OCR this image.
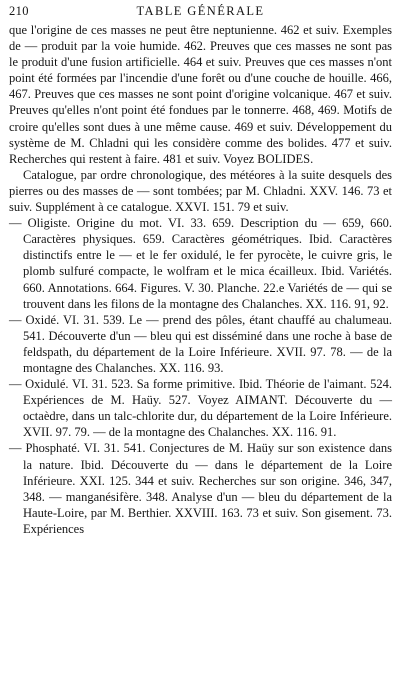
210	TABLE GÉNÉRALE

que l'origine de ces masses ne peut être neptunienne. 462 et suiv. Exemples de — produit par la voie humide. 462. Preuves que ces masses ne sont pas le produit d'une fusion artificielle. 464 et suiv. Preuves que ces masses n'ont point été formées par l'incendie d'une forêt ou d'une couche de houille. 466, 467. Preuves que ces masses ne sont point d'origine volcanique. 467 et suiv. Preuves qu'elles n'ont point été fondues par le tonnerre. 468, 469. Motifs de croire qu'elles sont dues à une même cause. 469 et suiv. Développement du système de M. Chladni qui les considère comme des bolides. 477 et suiv. Recherches qui restent à faire. 481 et suiv. Voyez BOLIDES.

Catalogue, par ordre chronologique, des météores à la suite desquels des pierres ou des masses de — sont tombées; par M. Chladni. XXV. 146. 73 et suiv. Supplément à ce catalogue. XXVI. 151. 79 et suiv.

— Oligiste. Origine du mot. VI. 33. 659. Description du — 659, 660. Caractères physiques. 659. Caractères géométriques. Ibid. Caractères distinctifs entre le — et le fer oxidulé, le fer pyrocète, le cuivre gris, le plomb sulfuré compacte, le wolfram et le mica écailleux. Ibid. Variétés. 660. Annotations. 664. Figures. V. 30. Planche. 22.e Variétés de — qui se trouvent dans les filons de la montagne des Chalanches. XX. 116. 91, 92.

— Oxidé. VI. 31. 539. Le — prend des pôles, étant chauffé au chalumeau. 541. Découverte d'un — bleu qui est disséminé dans une roche à base de feldspath, du département de la Loire Inférieure. XVII. 97. 78. — de la montagne des Chalanches. XX. 116. 93.

— Oxidulé. VI. 31. 523. Sa forme primitive. Ibid. Théorie de l'aimant. 524. Expériences de M. Haüy. 527. Voyez AIMANT. Découverte du — octaèdre, dans un talc-chlorite dur, du département de la Loire Inférieure. XVII. 97. 79. — de la montagne des Chalanches. XX. 116. 91.

— Phosphaté. VI. 31. 541. Conjectures de M. Haüy sur son existence dans la nature. Ibid. Découverte du — dans le département de la Loire Inférieure. XXI. 125. 344 et suiv. Recherches sur son origine. 346, 347, 348. — manganésifère. 348. Analyse d'un — bleu du département de la Haute-Loire, par M. Berthier. XXVIII. 163. 73 et suiv. Son gisement. 73. Expériences
